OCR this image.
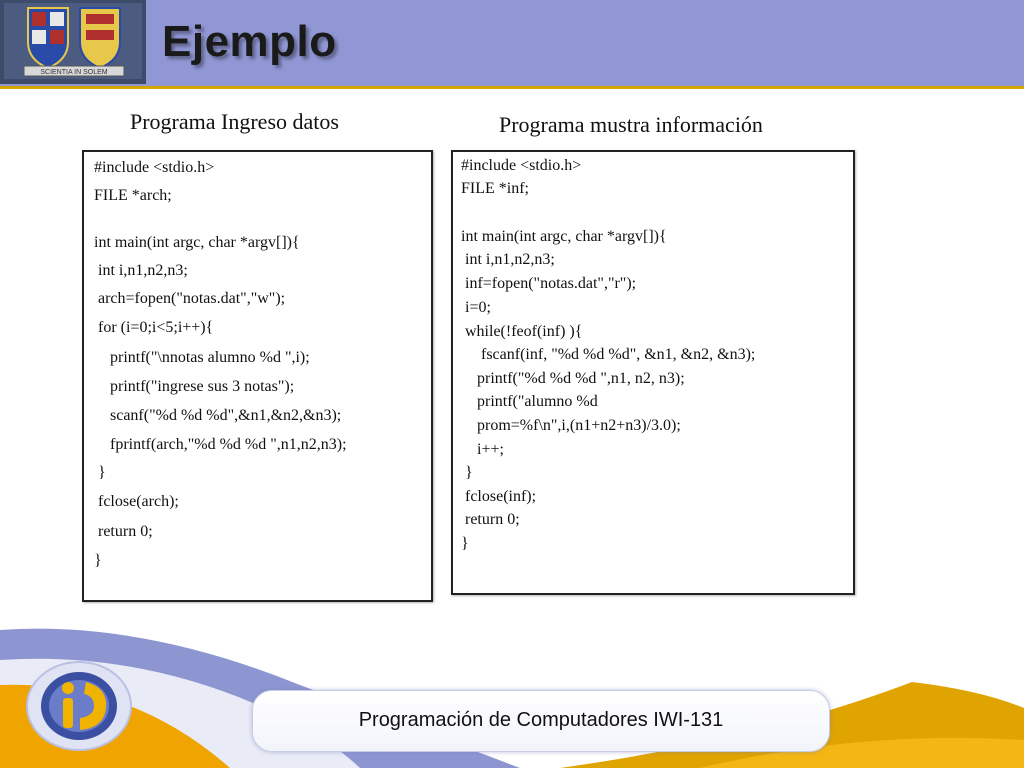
SCIENTIA IN SOLEM
Ejemplo
Programa Ingreso datos	Programa mustra información
#include <stdio.h>
FILE *arch;
int main(int argc, char *argv[]){
int i,n1,n2,n3;
arch=fopen("notas.dat","w");
for (i=0;i<5;i++){
printf("\nnotas alumno %d ",i);
printf("ingrese sus 3 notas");
scanf("%d %d %d",&n1,&n2,&n3);
fprintf(arch,"%d %d %d ",n1,n2,n3);
}
fclose(arch);
return 0;
}
#include <stdio.h>
FILE *inf;
int main(int argc, char *argv[]){
int i,n1,n2,n3;
inf=fopen("notas.dat","r");
i=0;
while(!feof(inf) ){
fscanf(inf, "%d %d %d", &n1, &n2, &n3);
printf("%d %d %d ",n1, n2, n3);
printf("alumno %d
prom=%f\n",i,(n1+n2+n3)/3.0);
i++;
}
fclose(inf);
return 0;
}
Programación de Computadores IWI-131
